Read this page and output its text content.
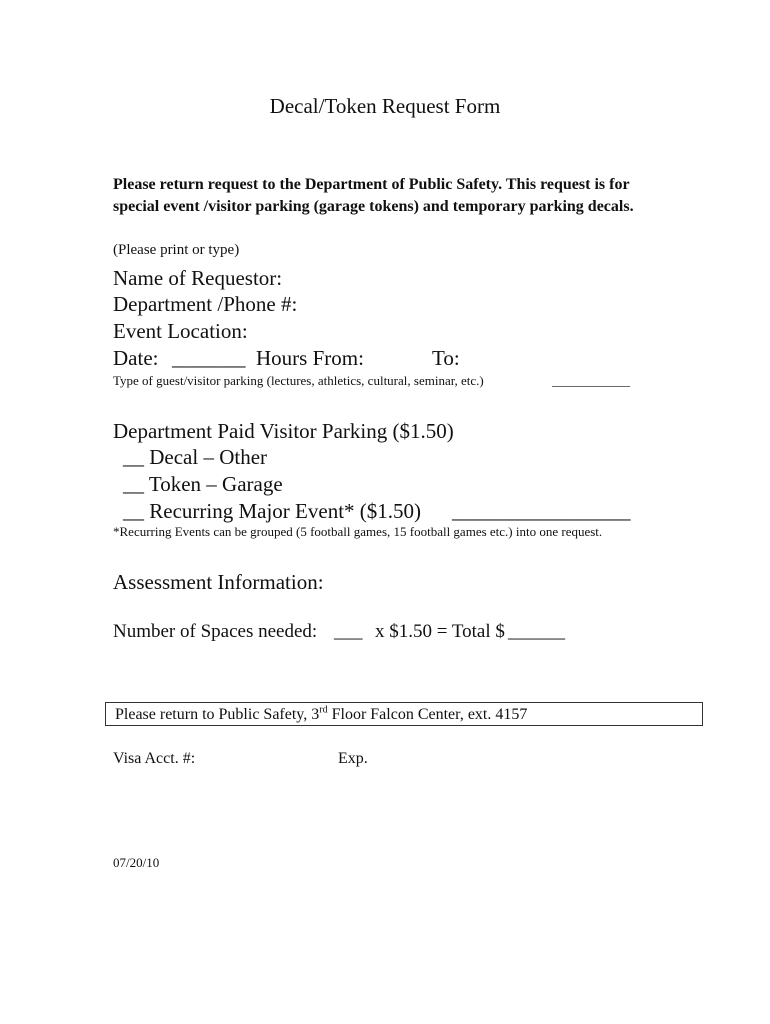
Decal/Token Request Form
Please return request to the Department of Public Safety. This request is for
special event /visitor parking (garage tokens) and temporary parking decals.
(Please print or type)
Name of Requestor:
Department /Phone #:
Event Location:
Date: _______ Hours From:	To:
Type of guest/visitor parking (lectures, athletics, cultural, seminar, etc.)	____________
Department Paid Visitor Parking ($1.50)
__ Decal – Other
__ Token – Garage
__ Recurring Major Event* ($1.50) _________________
*Recurring Events can be grouped (5 football games, 15 football games etc.) into one request.
Assessment Information:
Number of Spaces needed: ___ x $1.50 = Total $ ______
Please return to Public Safety, 3rd Floor Falcon Center, ext. 4157
Visa Acct. #:	Exp.
07/20/10
